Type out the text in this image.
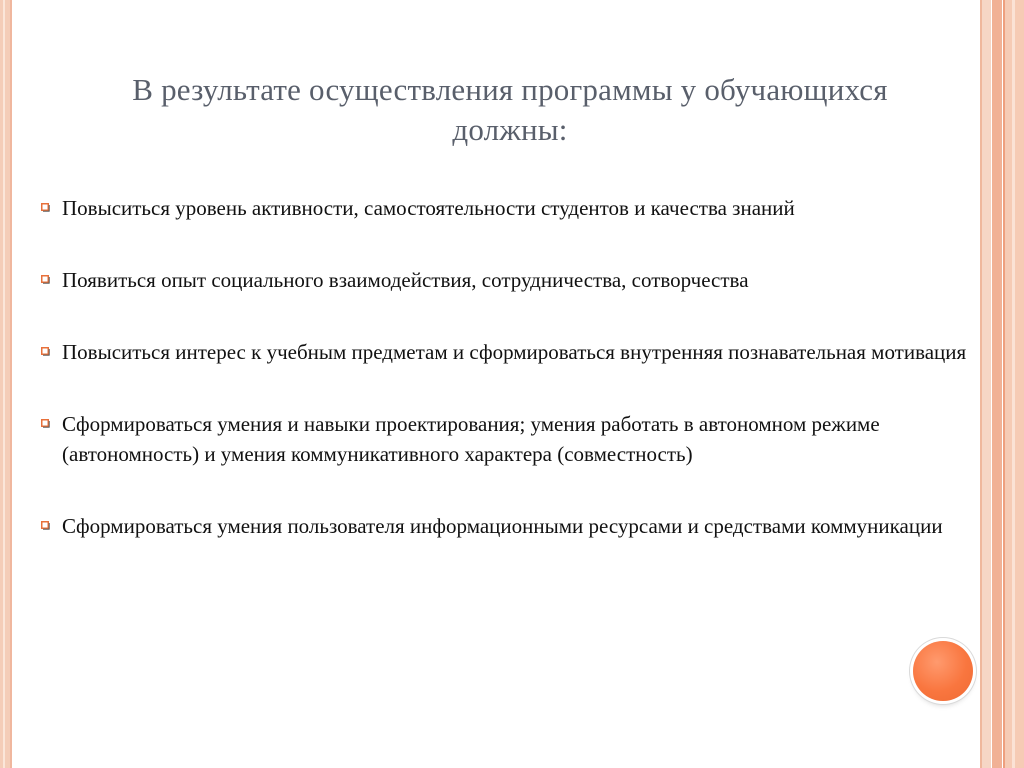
В результате осуществления программы у обучающихся должны:
Повыситься уровень активности, самостоятельности студентов и качества знаний
Появиться опыт социального взаимодействия, сотрудничества, сотворчества
Повыситься интерес к учебным предметам и сформироваться внутренняя познавательная мотивация
Сформироваться умения и навыки проектирования; умения работать в автономном режиме (автономность) и умения коммуникативного характера (совместность)
Сформироваться умения пользователя информационными ресурсами и средствами коммуникации
